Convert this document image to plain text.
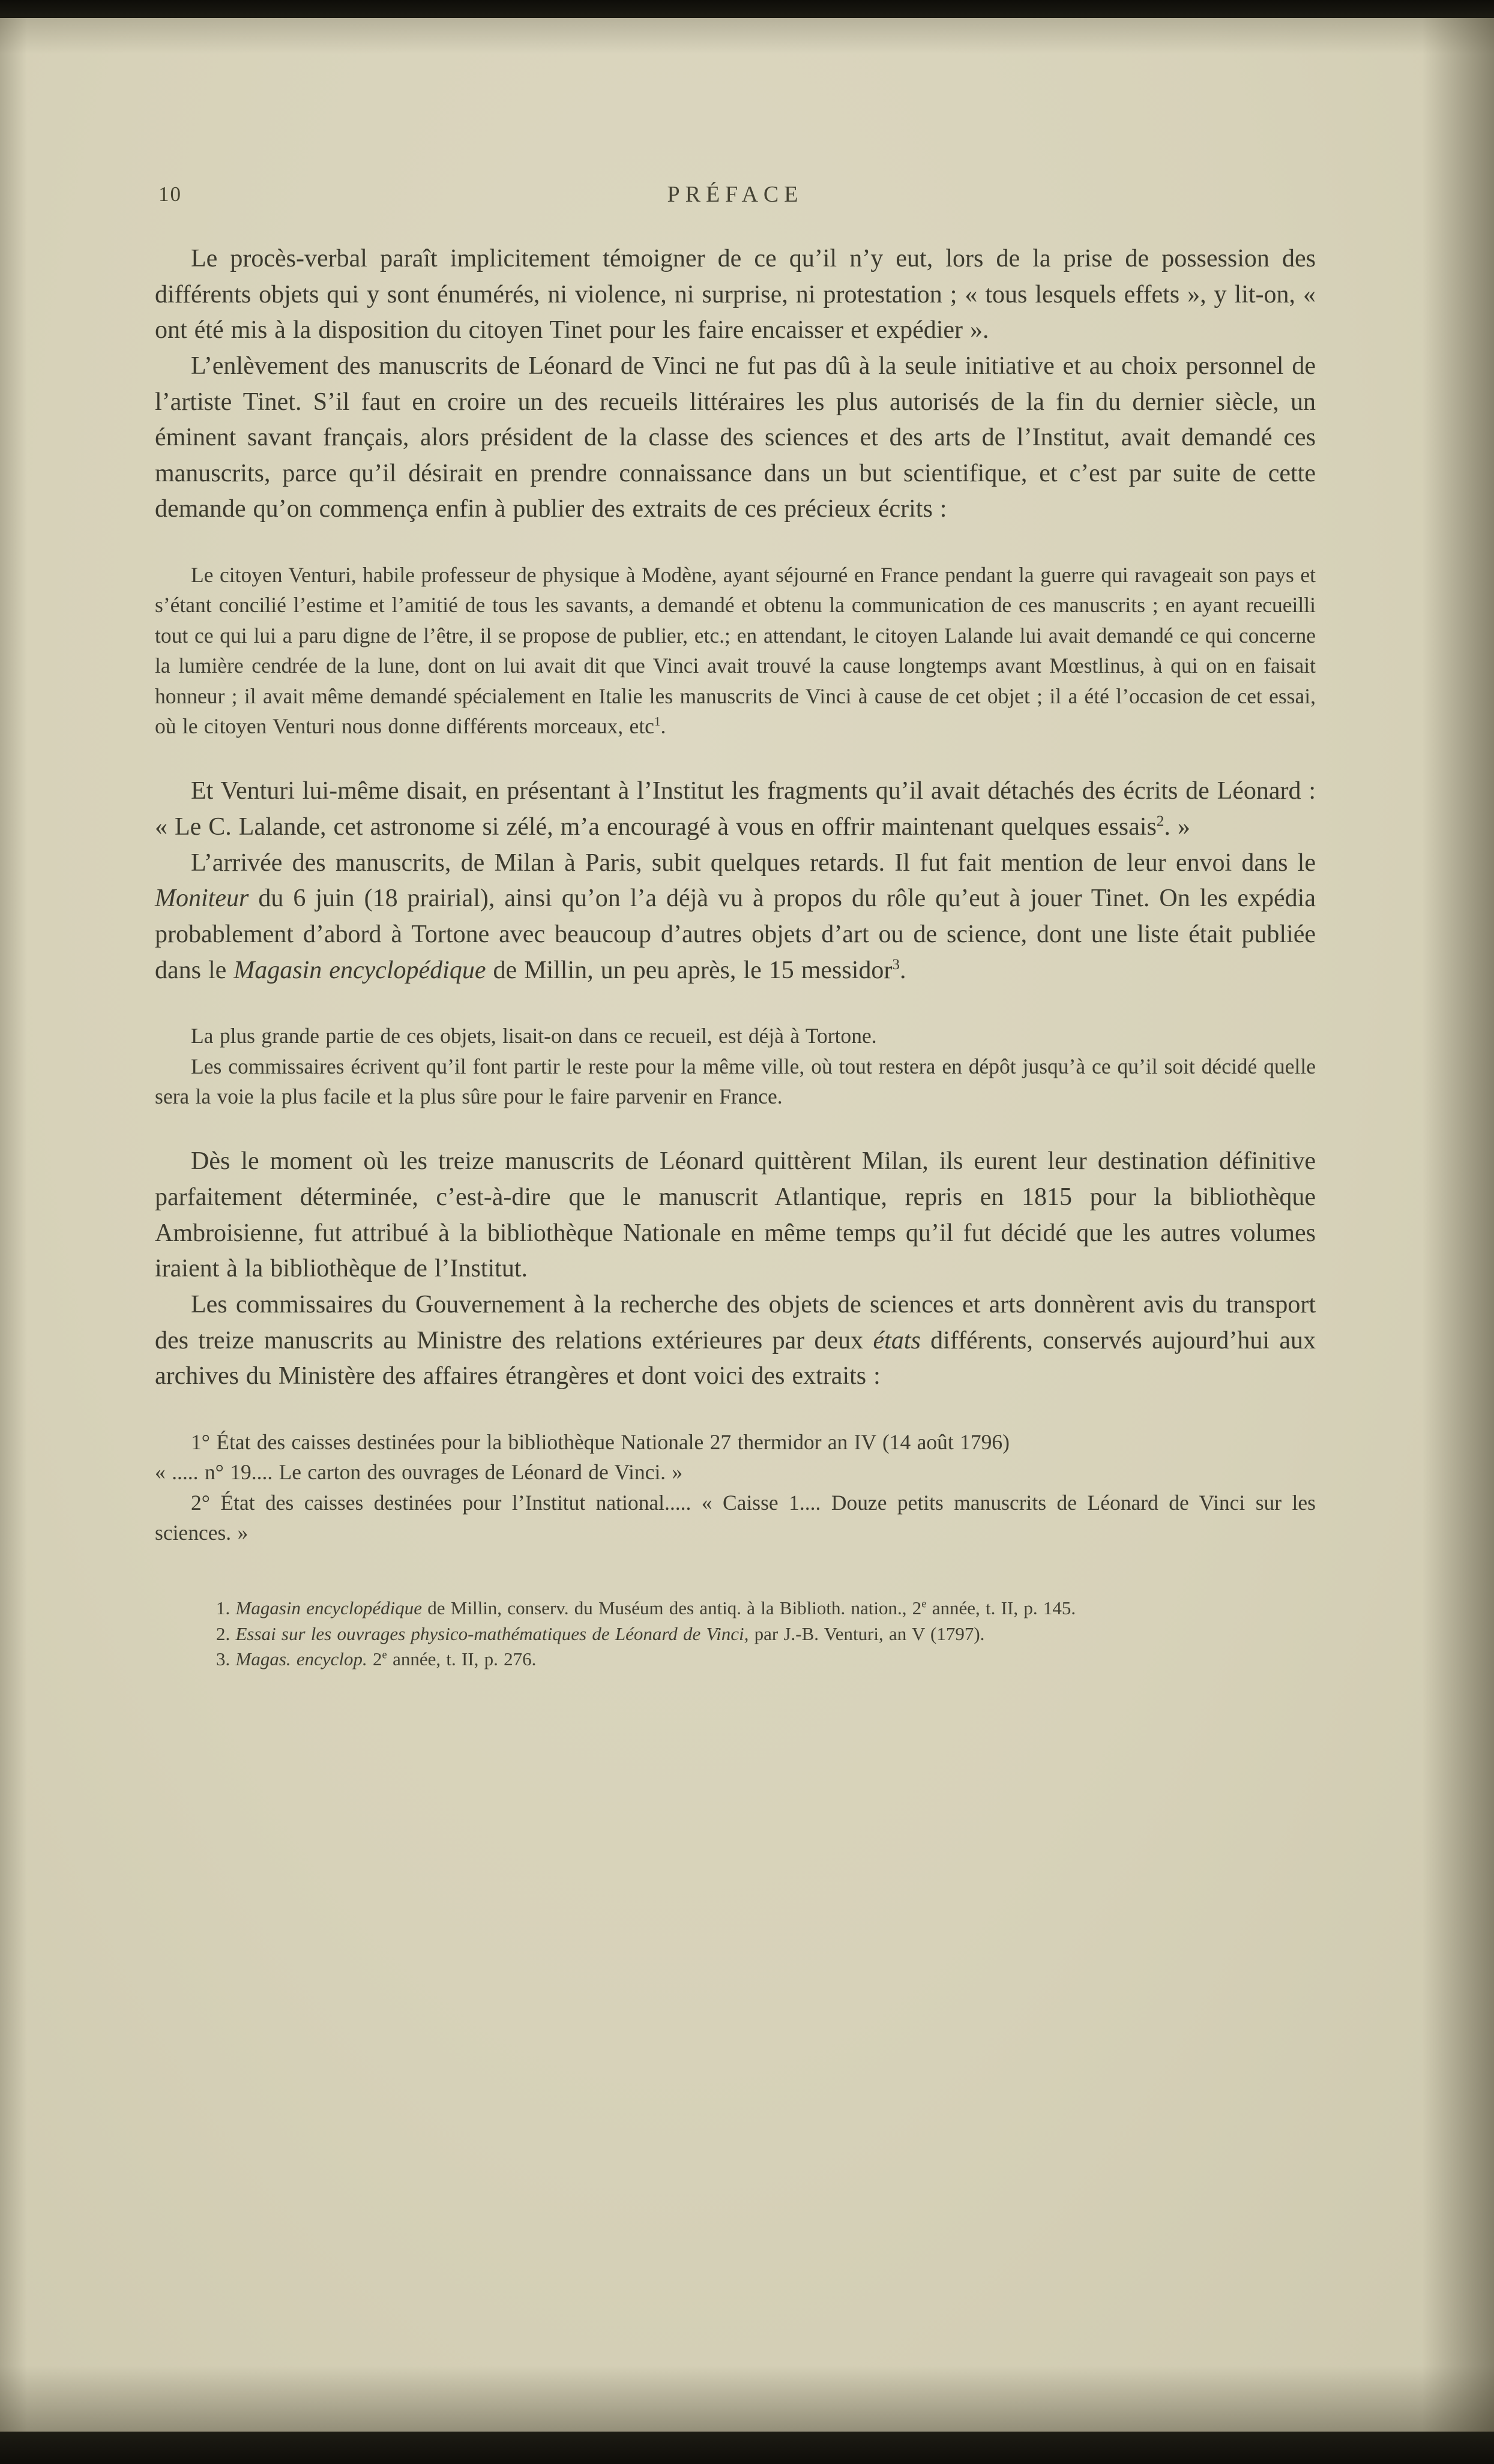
10	PRÉFACE

Le procès-verbal paraît implicitement témoigner de ce qu’il n’y eut, lors de la prise de possession des différents objets qui y sont énumérés, ni violence, ni surprise, ni protestation ; « tous lesquels effets », y lit-on, « ont été mis à la disposition du citoyen Tinet pour les faire encaisser et expédier ».

L’enlèvement des manuscrits de Léonard de Vinci ne fut pas dû à la seule initiative et au choix personnel de l’artiste Tinet. S’il faut en croire un des recueils littéraires les plus autorisés de la fin du dernier siècle, un éminent savant français, alors président de la classe des sciences et des arts de l’Institut, avait demandé ces manuscrits, parce qu’il désirait en prendre connaissance dans un but scientifique, et c’est par suite de cette demande qu’on commença enfin à publier des extraits de ces précieux écrits :

Le citoyen Venturi, habile professeur de physique à Modène, ayant séjourné en France pendant la guerre qui ravageait son pays et s’étant concilié l’estime et l’amitié de tous les savants, a demandé et obtenu la communication de ces manuscrits ; en ayant recueilli tout ce qui lui a paru digne de l’être, il se propose de publier, etc.; en attendant, le citoyen Lalande lui avait demandé ce qui concerne la lumière cendrée de la lune, dont on lui avait dit que Vinci avait trouvé la cause longtemps avant Mœstlinus, à qui on en faisait honneur ; il avait même demandé spécialement en Italie les manuscrits de Vinci à cause de cet objet ; il a été l’occasion de cet essai, où le citoyen Venturi nous donne différents morceaux, etc$^1$.

Et Venturi lui-même disait, en présentant à l’Institut les fragments qu’il avait détachés des écrits de Léonard : « Le C. Lalande, cet astronome si zélé, m’a encouragé à vous en offrir maintenant quelques essais$^2$. »

L’arrivée des manuscrits, de Milan à Paris, subit quelques retards. Il fut fait mention de leur envoi dans le Moniteur du 6 juin (18 prairial), ainsi qu’on l’a déjà vu à propos du rôle qu’eut à jouer Tinet. On les expédia probablement d’abord à Tortone avec beaucoup d’autres objets d’art ou de science, dont une liste était publiée dans le Magasin encyclopédique de Millin, un peu après, le 15 messidor$^3$.

La plus grande partie de ces objets, lisait-on dans ce recueil, est déjà à Tortone.

Les commissaires écrivent qu’il font partir le reste pour la même ville, où tout restera en dépôt jusqu’à ce qu’il soit décidé quelle sera la voie la plus facile et la plus sûre pour le faire parvenir en France.

Dès le moment où les treize manuscrits de Léonard quittèrent Milan, ils eurent leur destination définitive parfaitement déterminée, c’est-à-dire que le manuscrit Atlantique, repris en 1815 pour la bibliothèque Ambroisienne, fut attribué à la bibliothèque Nationale en même temps qu’il fut décidé que les autres volumes iraient à la bibliothèque de l’Institut.

Les commissaires du Gouvernement à la recherche des objets de sciences et arts donnèrent avis du transport des treize manuscrits au Ministre des relations extérieures par deux états différents, conservés aujourd’hui aux archives du Ministère des affaires étrangères et dont voici des extraits :

1° État des caisses destinées pour la bibliothèque Nationale 27 thermidor an IV (14 août 1796)

« ..... n° 19.... Le carton des ouvrages de Léonard de Vinci. »

2° État des caisses destinées pour l’Institut national..... « Caisse 1.... Douze petits manuscrits de Léonard de Vinci sur les sciences. »

1. Magasin encyclopédique de Millin, conserv. du Muséum des antiq. à la Biblioth. nation., 2e année, t. II, p. 145.

2. Essai sur les ouvrages physico-mathématiques de Léonard de Vinci, par J.-B. Venturi, an V (1797).

3. Magas. encyclop. 2e année, t. II, p. 276.
